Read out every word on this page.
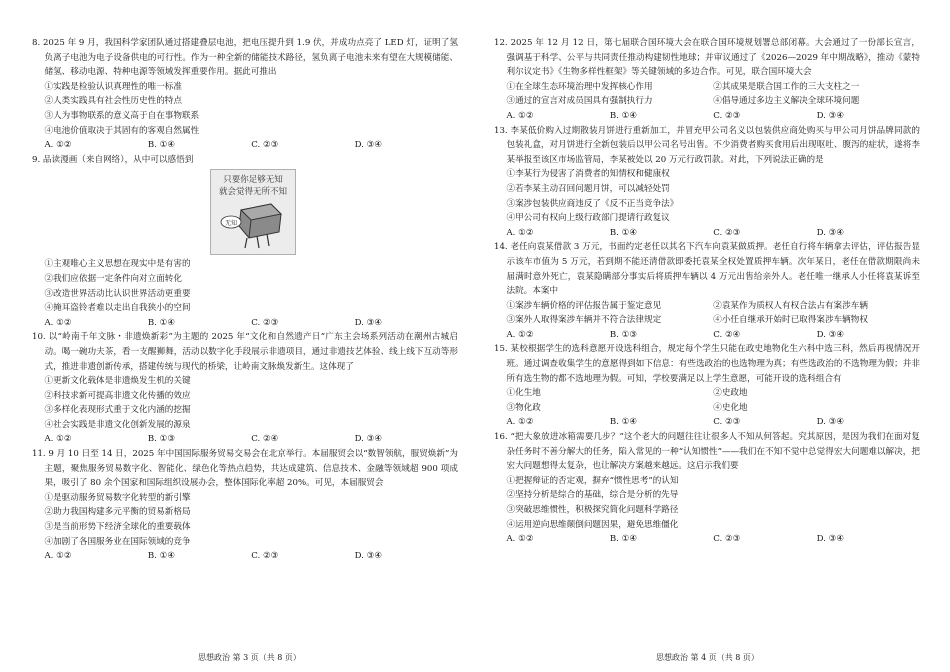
8. 2025 年 9 月，我国科学家团队通过搭建叠层电池，把电压提升到 1.9 伏，并成功点亮了 LED 灯，证明了氢负离子电池为电子设备供电的可行性。作为一种全新的储能技术路径，氢负离子电池未来有望在大规模储能、储氢、移动电源、特种电源等领域发挥重要作用。据此可推出
①实践是检验认识真理性的唯一标准
②人类实践具有社会性历史性的特点
③人为事物联系的意义高于自在事物联系
④电池价值取决于其固有的客观自然属性
A. ①②	B. ①④	C. ②③	D. ③④
9. 品读漫画（来自网络），从中可以感悟到
只要你足够无知
就会觉得无所不知
无知
①主观唯心主义思想在现实中是有害的
②我们应依据一定条件向对立面转化
③改造世界活动比认识世界活动更重要
④掩耳盗铃者难以走出自我狭小的空间
A. ①②	B. ①④	C. ②③	D. ③④
10. 以“岭南千年文脉・非遗焕新彩”为主题的 2025 年“文化和自然遗产日”广东主会场系列活动在潮州古城启动。喝一碗功夫茶，看一支醒狮舞，活动以数字化手段展示非遗项目，通过非遗技艺体验、线上线下互动等形式，推进非遗创新传承，搭建传统与现代的桥梁，让岭南文脉焕发新生。这体现了
①更新文化载体是非遗焕发生机的关键
②科技求新可提高非遗文化传播的效应
③多样化表现形式重于文化内涵的挖掘
④社会实践是非遗文化创新发展的源泉
A. ①②	B. ①③	C. ②④	D. ③④
11. 9 月 10 日至 14 日，2025 年中国国际服务贸易交易会在北京举行。本届服贸会以“数智领航，服贸焕新”为主题，聚焦服务贸易数字化、智能化、绿色化等热点趋势，共达成建筑、信息技术、金融等领域超 900 项成果，吸引了 80 余个国家和国际组织设展办会，整体国际化率超 20%。可见，本届服贸会
①是驱动服务贸易数字化转型的新引擎
②助力我国构建多元平衡的贸易新格局
③是当前形势下经济全球化的重要载体
④加剧了各国服务业在国际领域的竞争
A. ①②	B. ①④	C. ②③	D. ③④
思想政治 第 3 页（共 8 页）
12. 2025 年 12 月 12 日，第七届联合国环境大会在联合国环境规划署总部闭幕。大会通过了一份部长宣言，强调基于科学、公平与共同责任推动构建韧性地球；并审议通过了《2026—2029 年中期战略》，推动《蒙特利尔议定书》《生物多样性框架》等关键领域的多边合作。可见，联合国环境大会
①在全球生态环境治理中发挥核心作用	②其成果是联合国工作的三大支柱之一
③通过的宣言对成员国具有强制执行力	④倡导通过多边主义解决全球环境问题
A. ①②	B. ①④	C. ②③	D. ③④
13. 李某低价购入过期散装月饼进行重新加工，并冒充甲公司名义以包装供应商处购买与甲公司月饼品牌同款的包装礼盒，对月饼进行全新包装后以甲公司名号出售。不少消费者购买食用后出现呕吐、腹泻的症状，遂将李某举报至该区市场监管局，李某被处以 20 万元行政罚款。对此，下列说法正确的是
①李某行为侵害了消费者的知情权和健康权
②若李某主动召回问题月饼，可以减轻处罚
③案涉包装供应商违反了《反不正当竞争法》
④甲公司有权向上级行政部门提请行政复议
A. ①②	B. ①④	C. ②③	D. ③④
14. 老任向袁某借款 3 万元，书面约定老任以其名下汽车向袁某做质押。老任自行将车辆拿去评估，评估报告显示该车市值为 5 万元，若到期不能还清借款即委托袁某全权处置质押车辆。次年某日，老任在借款期限尚未届满时意外死亡，袁某隐瞒部分事实后将质押车辆以 4 万元出售给亲外人。老任唯一继承人小任将袁某诉至法院。本案中
①案涉车辆价格的评估报告属于鉴定意见	②袁某作为质权人有权合法占有案涉车辆
③案外人取得案涉车辆并不符合法律规定	④小任自继承开始时已取得案涉车辆物权
A. ①②	B. ①③	C. ②④	D. ③④
15. 某校根据学生的选科意愿开设选科组合，规定每个学生只能在政史地物化生六科中选三科，然后再视情况开班。通过调查收集学生的意愿得到如下信息：有些选政治的也选物理为真；有些选政治的不选物理为假；并非所有选生物的都不选地理为假。可知，学校要满足以上学生意愿，可能开设的选科组合有
①化生地	②史政地
③物化政	④史化地
A. ①②	B. ①④	C. ②③	D. ③④
16. “把大象放进冰箱需要几步？”这个老大的问题往往让很多人不知从何答起。究其原因，是因为我们在面对复杂任务时不善分解大的任务，陷入常见的一种“认知惯性”——我们在不知不觉中总觉得宏大问题难以解决，把宏大问题想得太复杂，也让解决方案越来越远。这启示我们要
①把握辩证的否定观，摒弃“惯性思考”的认知
②坚持分析是综合的基础，综合是分析的先导
③突破思维惯性，积极探究简化问题科学路径
④运用逆向思维颠倒问题因果，避免思维僵化
A. ①②	B. ①④	C. ②③	D. ③④
思想政治 第 4 页（共 8 页）
